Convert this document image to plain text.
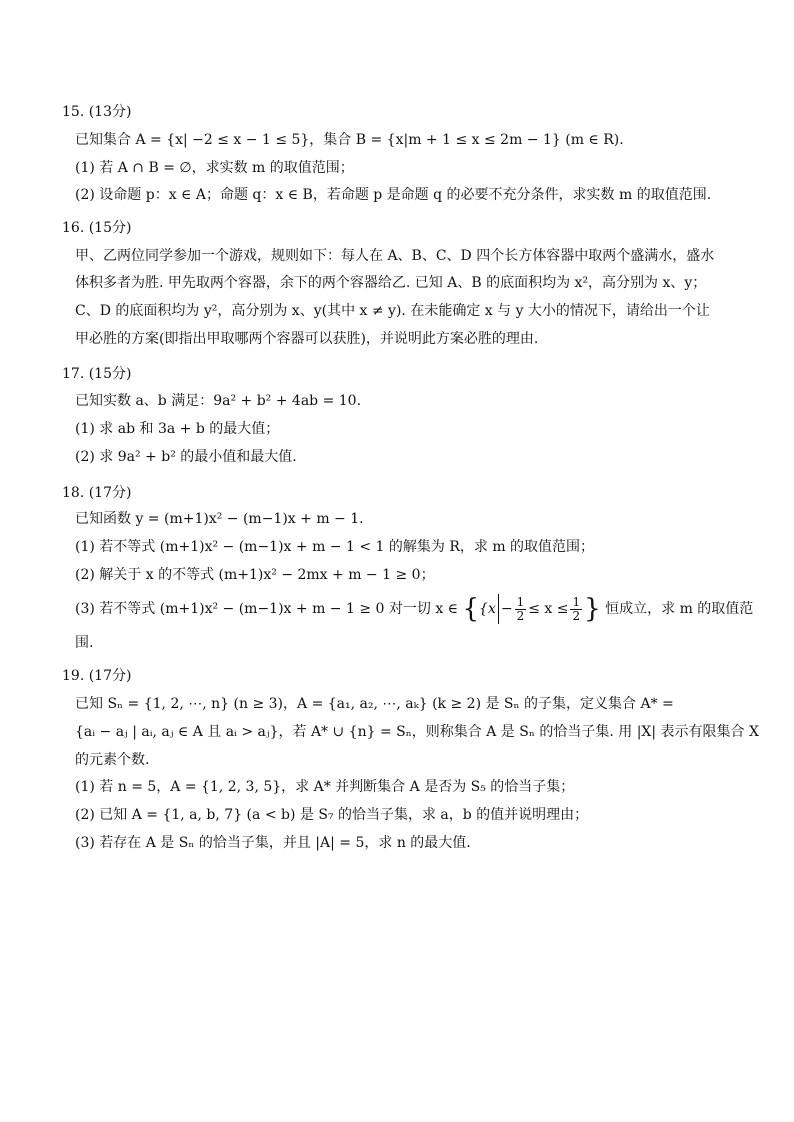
15. (13分)
已知集合 A = {x| −2 ≤ x − 1 ≤ 5}，集合 B = {x|m + 1 ≤ x ≤ 2m − 1} (m ∈ R).
(1) 若 A ∩ B = ∅，求实数 m 的取值范围；
(2) 设命题 p：x ∈ A；命题 q：x ∈ B，若命题 p 是命题 q 的必要不充分条件，求实数 m 的取值范围.
16. (15分)
甲、乙两位同学参加一个游戏，规则如下：每人在 A、B、C、D 四个长方体容器中取两个盛满水，盛水
体积多者为胜. 甲先取两个容器，余下的两个容器给乙. 已知 A、B 的底面积均为 x²，高分别为 x、y；
C、D 的底面积均为 y²，高分别为 x、y(其中 x ≠ y). 在未能确定 x 与 y 大小的情况下，请给出一个让
甲必胜的方案(即指出甲取哪两个容器可以获胜)，并说明此方案必胜的理由.
17. (15分)
已知实数 a、b 满足：9a² + b² + 4ab = 10.
(1) 求 ab 和 3a + b 的最大值；
(2) 求 9a² + b² 的最小值和最大值.
18. (17分)
已知函数 y = (m+1)x² − (m−1)x + m − 1.
(1) 若不等式 (m+1)x² − (m−1)x + m − 1 < 1 的解集为 R，求 m 的取值范围；
(2) 解关于 x 的不等式 (m+1)x² − 2mx + m − 1 ≥ 0；
(3) 若不等式 (m+1)x² − (m−1)x + m − 1 ≥ 0 对一切 x ∈ {{$x - \frac{1}{2} \le x \le \frac{1}{2}$ } 恒成立，求 m 的取值范
围.
19. (17分)
已知 Sₙ = {1, 2, ⋯, n} (n ≥ 3)，A = {a₁, a₂, ⋯, aₖ} (k ≥ 2) 是 Sₙ 的子集，定义集合 A* =
{aᵢ − aⱼ | aᵢ, aⱼ ∈ A 且 aᵢ > aⱼ}，若 A* ∪ {n} = Sₙ，则称集合 A 是 Sₙ 的恰当子集. 用 |X| 表示有限集合 X
的元素个数.
(1) 若 n = 5，A = {1, 2, 3, 5}，求 A* 并判断集合 A 是否为 S₅ 的恰当子集；
(2) 已知 A = {1, a, b, 7} (a < b) 是 S₇ 的恰当子集，求 a，b 的值并说明理由；
(3) 若存在 A 是 Sₙ 的恰当子集，并且 |A| = 5，求 n 的最大值.
